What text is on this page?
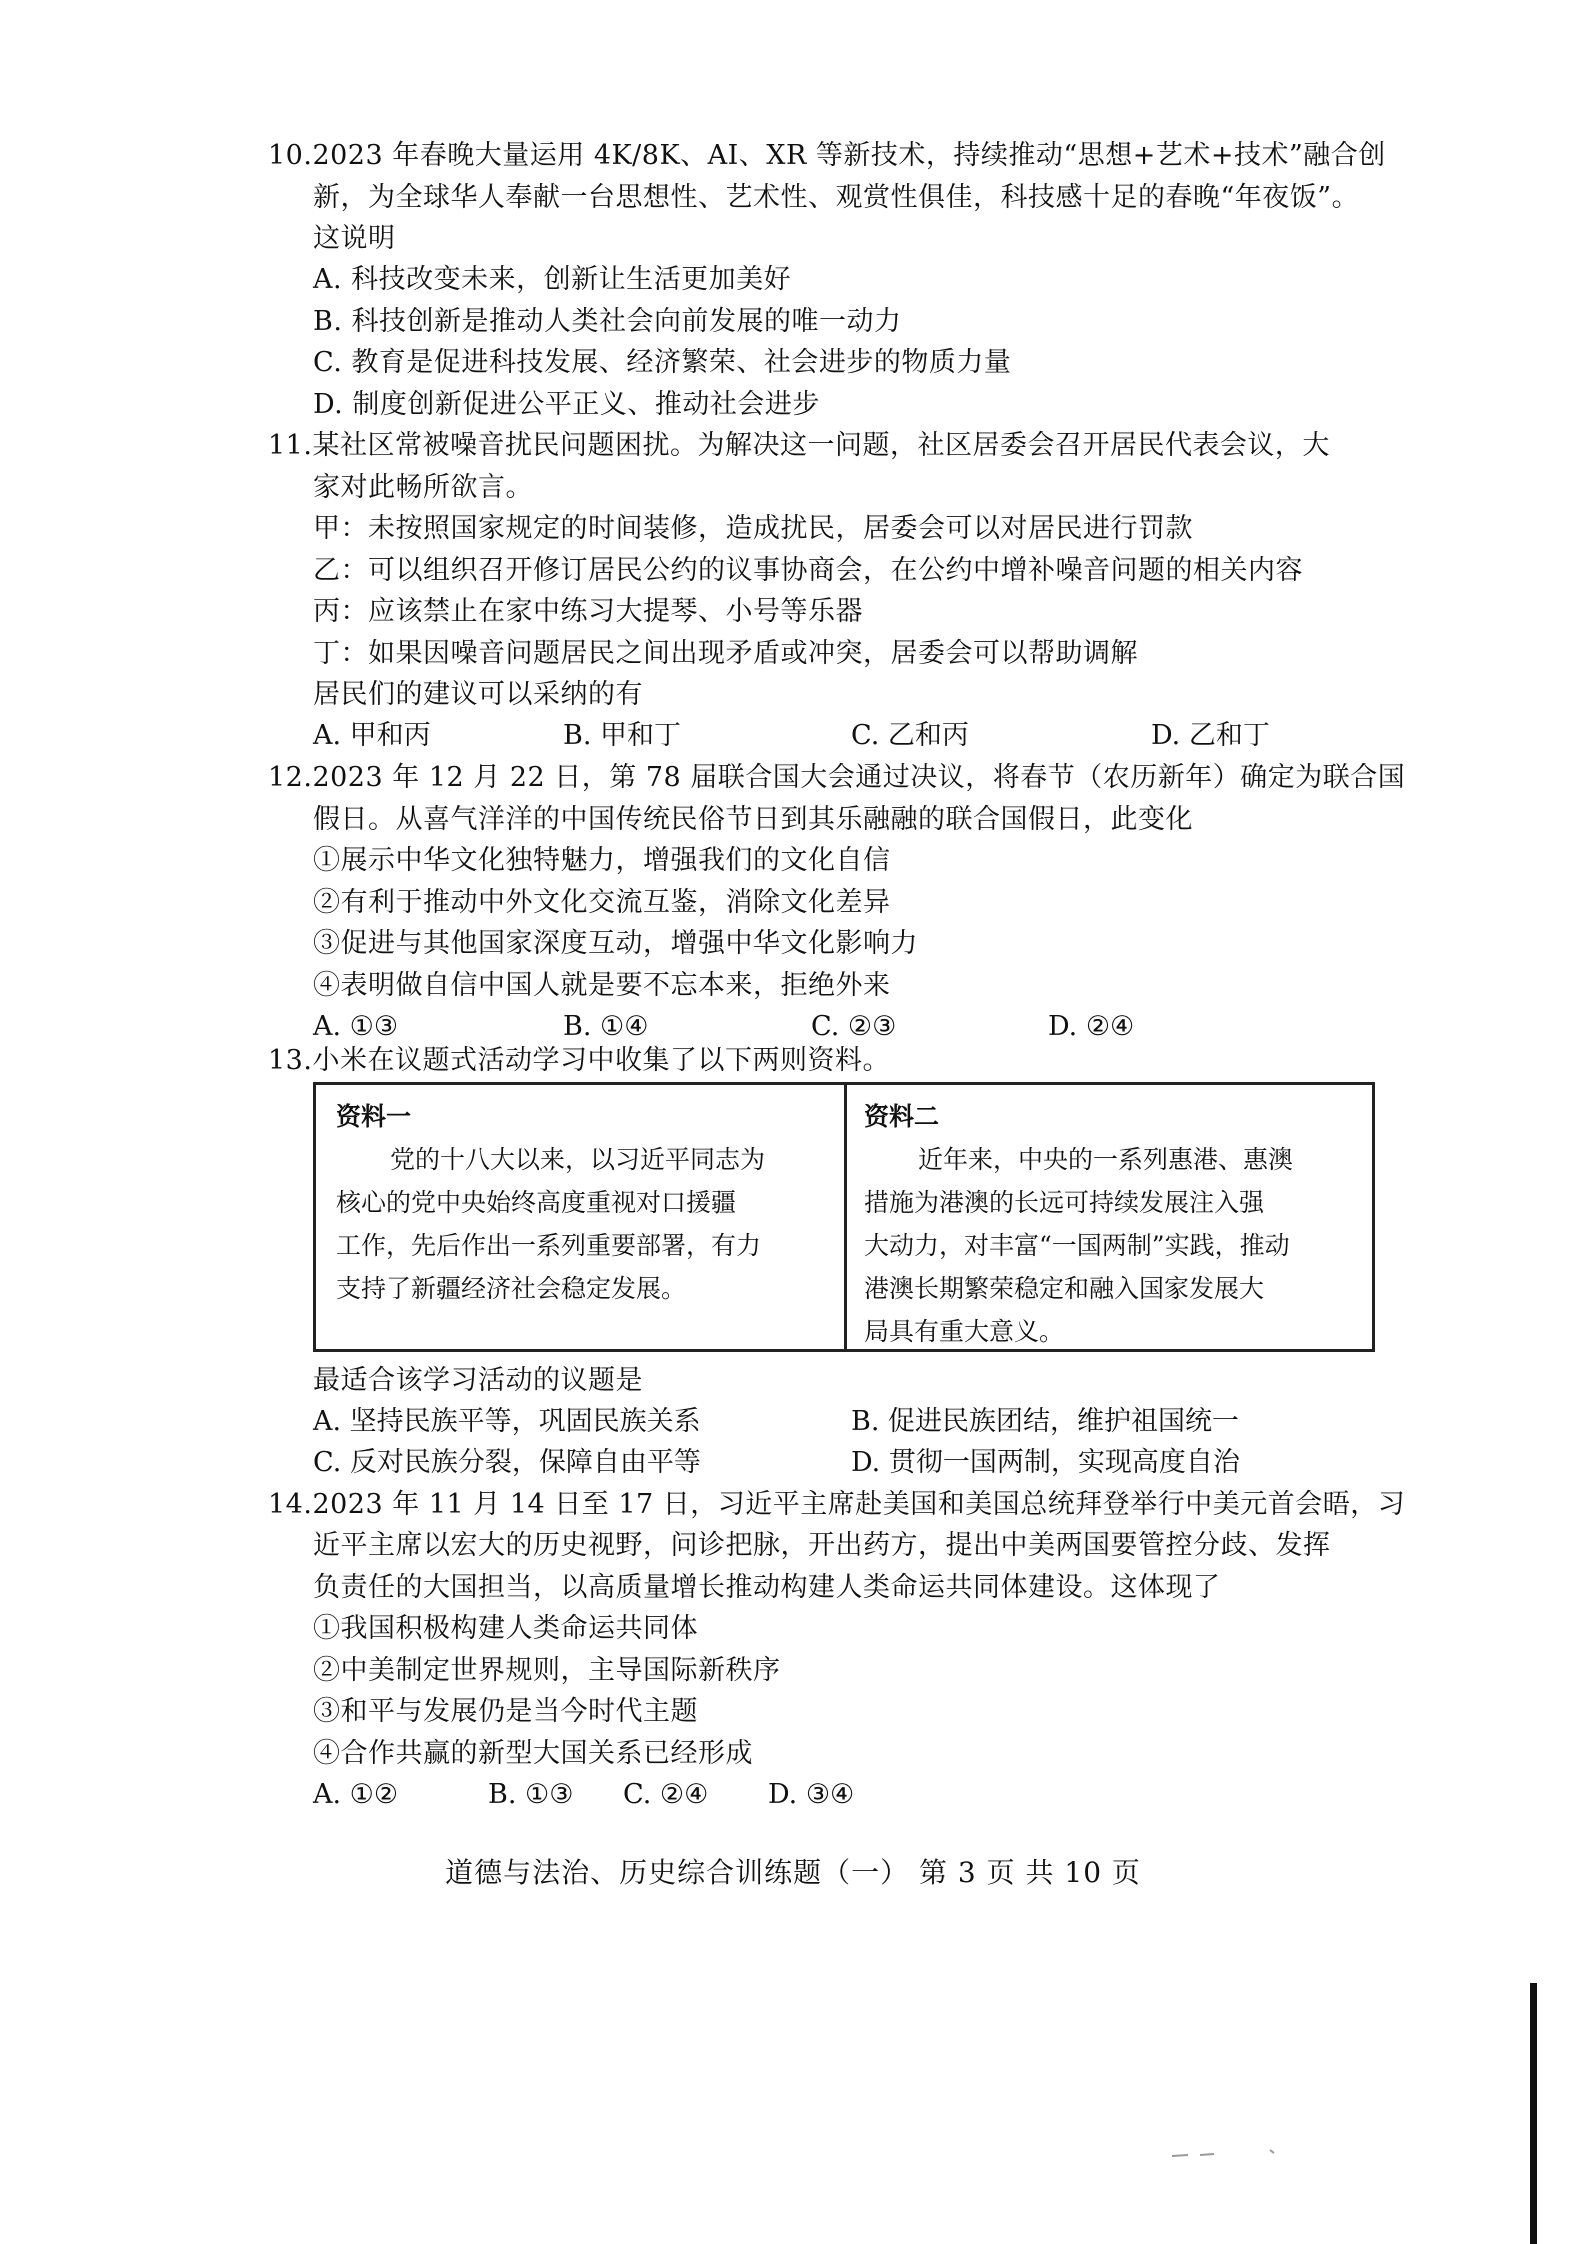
10.2023 年春晚大量运用 4K/8K、AI、XR 等新技术，持续推动“思想+艺术+技术”融合创
新，为全球华人奉献一台思想性、艺术性、观赏性俱佳，科技感十足的春晚“年夜饭”。
这说明
A. 科技改变未来，创新让生活更加美好
B. 科技创新是推动人类社会向前发展的唯一动力
C. 教育是促进科技发展、经济繁荣、社会进步的物质力量
D. 制度创新促进公平正义、推动社会进步
11.某社区常被噪音扰民问题困扰。为解决这一问题，社区居委会召开居民代表会议，大
家对此畅所欲言。
甲：未按照国家规定的时间装修，造成扰民，居委会可以对居民进行罚款
乙：可以组织召开修订居民公约的议事协商会，在公约中增补噪音问题的相关内容
丙：应该禁止在家中练习大提琴、小号等乐器
丁：如果因噪音问题居民之间出现矛盾或冲突，居委会可以帮助调解
居民们的建议可以采纳的有
A. 甲和丙	B. 甲和丁	C. 乙和丙	D. 乙和丁
12.2023 年 12 月 22 日，第 78 届联合国大会通过决议，将春节（农历新年）确定为联合国
假日。从喜气洋洋的中国传统民俗节日到其乐融融的联合国假日，此变化
①展示中华文化独特魅力，增强我们的文化自信
②有利于推动中外文化交流互鉴，消除文化差异
③促进与其他国家深度互动，增强中华文化影响力
④表明做自信中国人就是要不忘本来，拒绝外来
A. ①③	B. ①④	C. ②③	D. ②④
13.小米在议题式活动学习中收集了以下两则资料。
资料一
党的十八大以来，以习近平同志为
核心的党中央始终高度重视对口援疆
工作，先后作出一系列重要部署，有力
支持了新疆经济社会稳定发展。
资料二
近年来，中央的一系列惠港、惠澳
措施为港澳的长远可持续发展注入强
大动力，对丰富“一国两制”实践，推动
港澳长期繁荣稳定和融入国家发展大
局具有重大意义。
最适合该学习活动的议题是
A. 坚持民族平等，巩固民族关系	B. 促进民族团结，维护祖国统一
C. 反对民族分裂，保障自由平等	D. 贯彻一国两制，实现高度自治
14.2023 年 11 月 14 日至 17 日，习近平主席赴美国和美国总统拜登举行中美元首会晤，习
近平主席以宏大的历史视野，问诊把脉，开出药方，提出中美两国要管控分歧、发挥
负责任的大国担当，以高质量增长推动构建人类命运共同体建设。这体现了
①我国积极构建人类命运共同体
②中美制定世界规则，主导国际新秩序
③和平与发展仍是当今时代主题
④合作共赢的新型大国关系已经形成
A. ①②	B. ①③ C. ②④ D. ③④
道德与法治、历史综合训练题（一） 第 3 页 共 10 页
